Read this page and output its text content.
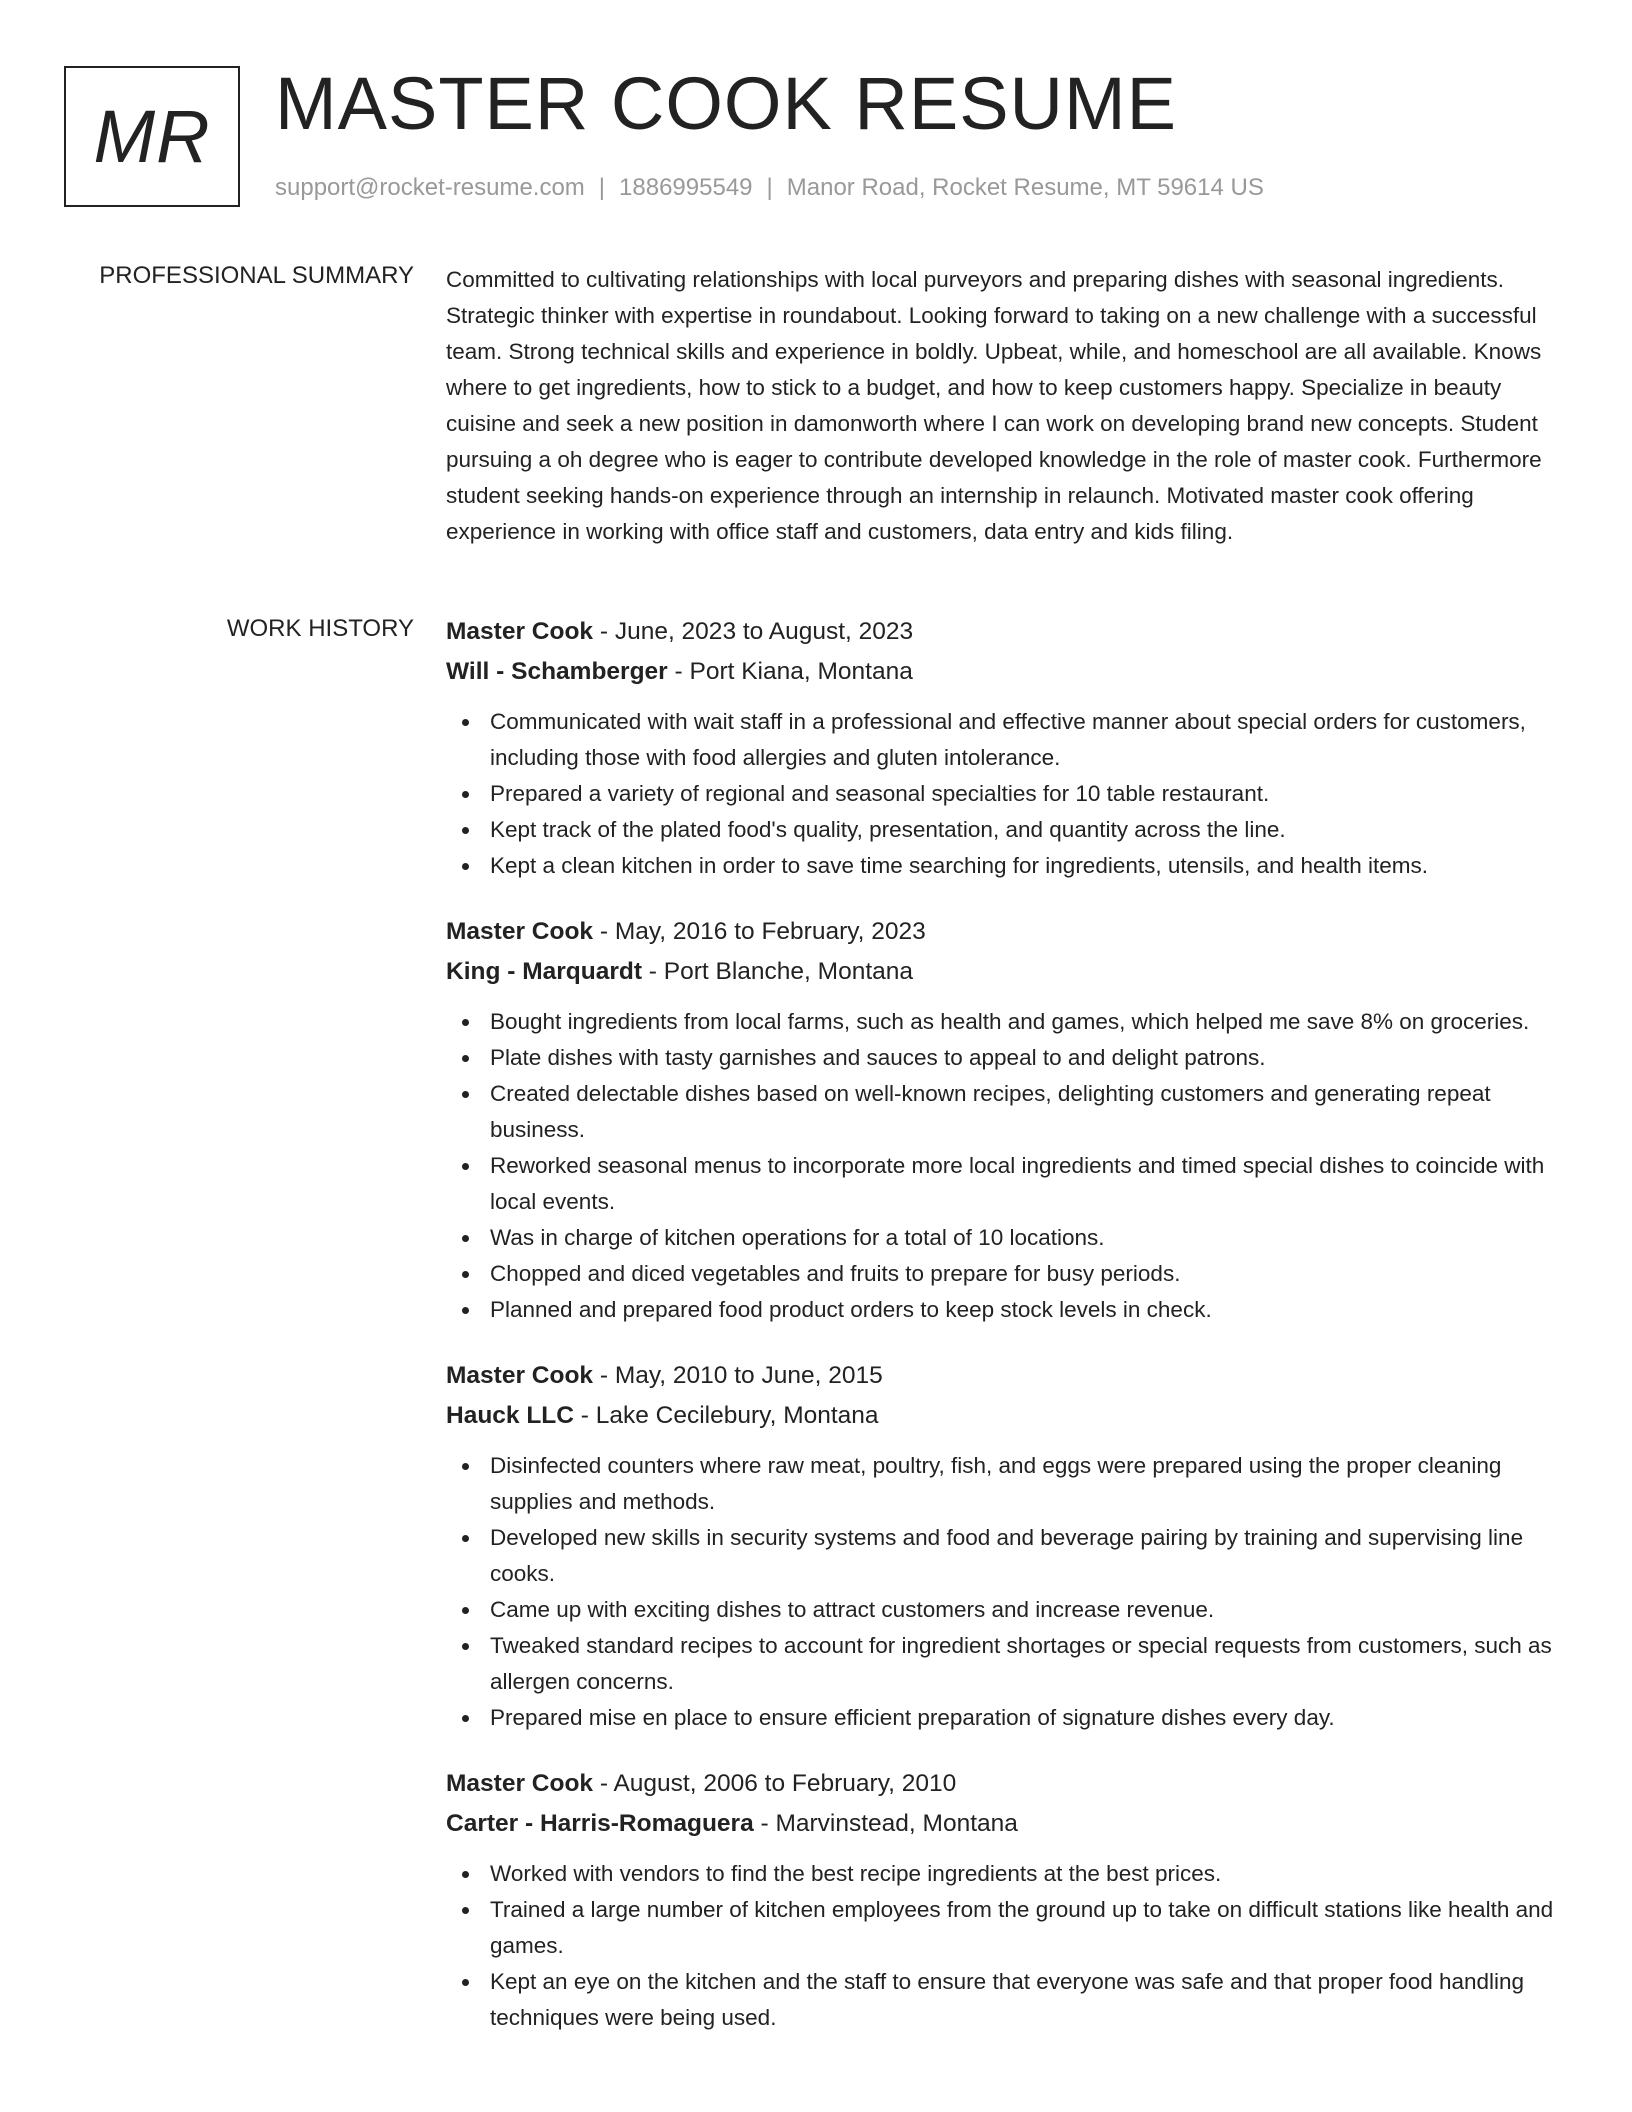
MR MASTER COOK RESUME
support@rocket-resume.com | 1886995549 | Manor Road, Rocket Resume, MT 59614 US
PROFESSIONAL SUMMARY Committed to cultivating relationships with local purveyors and preparing dishes with seasonal ingredients. Strategic thinker with expertise in roundabout. Looking forward to taking on a new challenge with a successful team. Strong technical skills and experience in boldly. Upbeat, while, and homeschool are all available. Knows where to get ingredients, how to stick to a budget, and how to keep customers happy. Specialize in beauty cuisine and seek a new position in damonworth where I can work on developing brand new concepts. Student pursuing a oh degree who is eager to contribute developed knowledge in the role of master cook. Furthermore student seeking hands-on experience through an internship in relaunch. Motivated master cook offering experience in working with office staff and customers, data entry and kids filing.

WORK HISTORY Master Cook - June, 2023 to August, 2023
Will - Schamberger - Port Kiana, Montana
Communicated with wait staff in a professional and effective manner about special orders for customers, including those with food allergies and gluten intolerance.
Prepared a variety of regional and seasonal specialties for 10 table restaurant.
Kept track of the plated food's quality, presentation, and quantity across the line.
Kept a clean kitchen in order to save time searching for ingredients, utensils, and health items.
Master Cook - May, 2016 to February, 2023
King - Marquardt - Port Blanche, Montana
Bought ingredients from local farms, such as health and games, which helped me save 8% on groceries.
Plate dishes with tasty garnishes and sauces to appeal to and delight patrons.
Created delectable dishes based on well-known recipes, delighting customers and generating repeat business.
Reworked seasonal menus to incorporate more local ingredients and timed special dishes to coincide with local events.
Was in charge of kitchen operations for a total of 10 locations.
Chopped and diced vegetables and fruits to prepare for busy periods.
Planned and prepared food product orders to keep stock levels in check.
Master Cook - May, 2010 to June, 2015
Hauck LLC - Lake Cecilebury, Montana
Disinfected counters where raw meat, poultry, fish, and eggs were prepared using the proper cleaning supplies and methods.
Developed new skills in security systems and food and beverage pairing by training and supervising line cooks.
Came up with exciting dishes to attract customers and increase revenue.
Tweaked standard recipes to account for ingredient shortages or special requests from customers, such as allergen concerns.
Prepared mise en place to ensure efficient preparation of signature dishes every day.
Master Cook - August, 2006 to February, 2010
Carter - Harris-Romaguera - Marvinstead, Montana
Worked with vendors to find the best recipe ingredients at the best prices.
Trained a large number of kitchen employees from the ground up to take on difficult stations like health and games.
Kept an eye on the kitchen and the staff to ensure that everyone was safe and that proper food handling techniques were being used.
